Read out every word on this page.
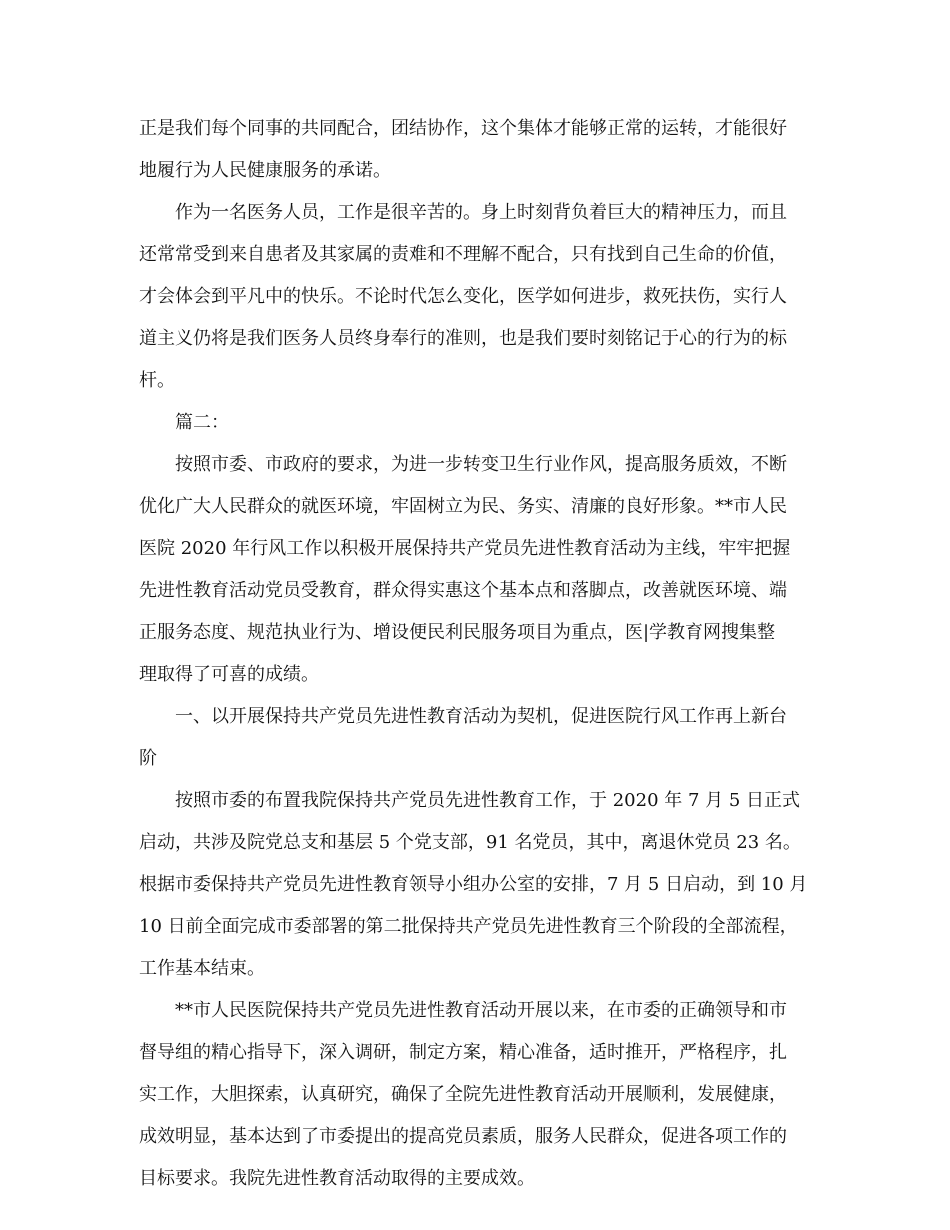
正是我们每个同事的共同配合，团结协作，这个集体才能够正常的运转，才能很好
地履行为人民健康服务的承诺。
作为一名医务人员，工作是很辛苦的。身上时刻背负着巨大的精神压力，而且
还常常受到来自患者及其家属的责难和不理解不配合，只有找到自己生命的价值，
才会体会到平凡中的快乐。不论时代怎么变化，医学如何进步，救死扶伤，实行人
道主义仍将是我们医务人员终身奉行的准则，也是我们要时刻铭记于心的行为的标
杆。
篇二：
按照市委、市政府的要求，为进一步转变卫生行业作风，提高服务质效，不断
优化广大人民群众的就医环境，牢固树立为民、务实、清廉的良好形象。**市人民
医院 2020 年行风工作以积极开展保持共产党员先进性教育活动为主线，牢牢把握
先进性教育活动党员受教育，群众得实惠这个基本点和落脚点，改善就医环境、端
正服务态度、规范执业行为、增设便民利民服务项目为重点，医|学教育网搜集整
理取得了可喜的成绩。
一、以开展保持共产党员先进性教育活动为契机，促进医院行风工作再上新台
阶
按照市委的布置我院保持共产党员先进性教育工作，于 2020 年 7 月 5 日正式
启动，共涉及院党总支和基层 5 个党支部，91 名党员，其中，离退休党员 23 名。
根据市委保持共产党员先进性教育领导小组办公室的安排，7 月 5 日启动，到 10 月
10 日前全面完成市委部署的第二批保持共产党员先进性教育三个阶段的全部流程，
工作基本结束。
**市人民医院保持共产党员先进性教育活动开展以来，在市委的正确领导和市
督导组的精心指导下，深入调研，制定方案，精心准备，适时推开，严格程序，扎
实工作，大胆探索，认真研究，确保了全院先进性教育活动开展顺利，发展健康，
成效明显，基本达到了市委提出的提高党员素质，服务人民群众，促进各项工作的
目标要求。我院先进性教育活动取得的主要成效。
